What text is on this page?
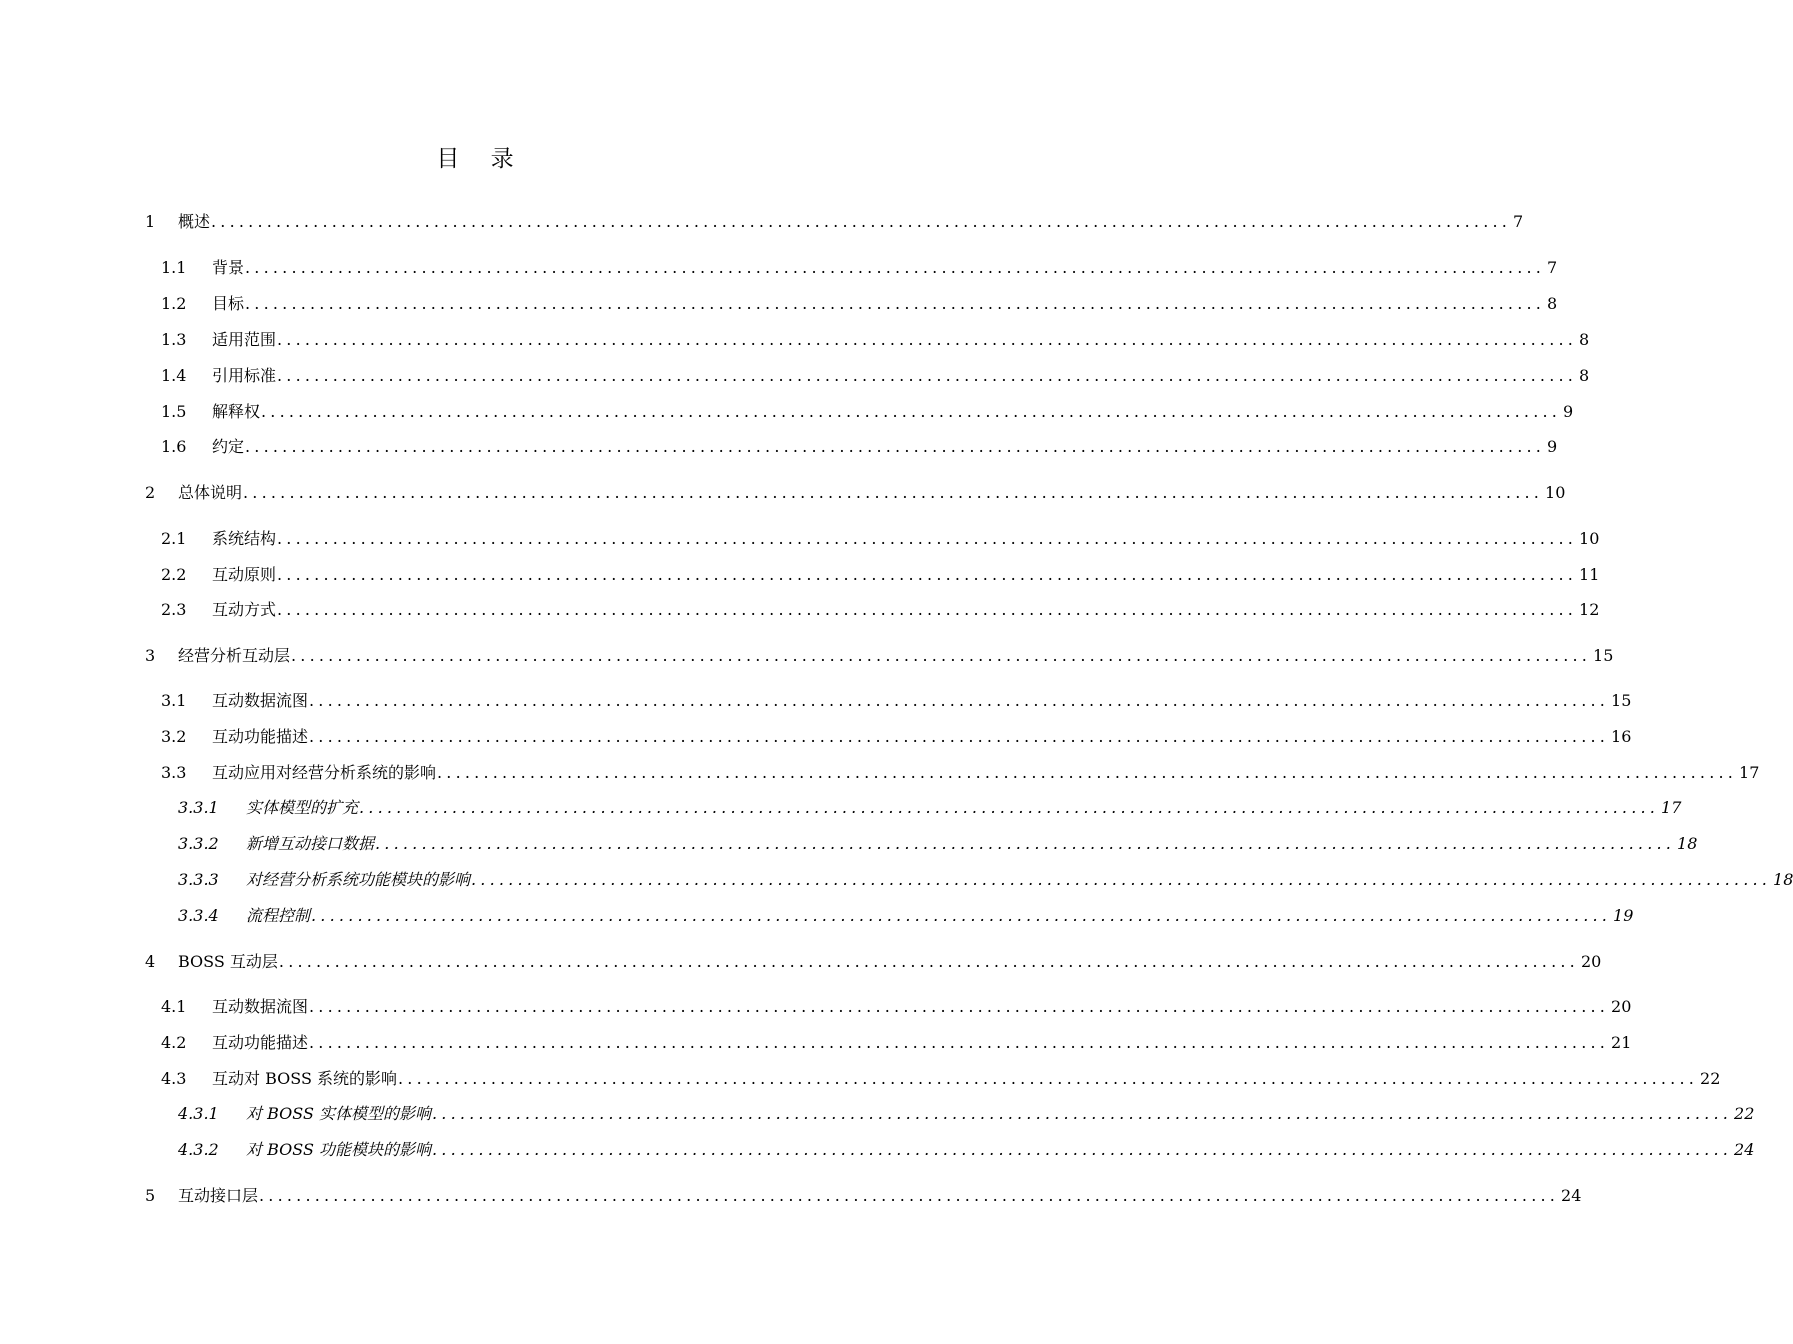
目 录
1	概述 ............................................................................................................................................ 7
1.1	背景 ............................................................................................................................................ 7
1.2	目标 ............................................................................................................................................ 8
1.3	适用范围 ............................................................................................................................................ 8
1.4	引用标准 ............................................................................................................................................ 8
1.5	解释权 ............................................................................................................................................ 9
1.6	约定 ............................................................................................................................................ 9
2	总体说明 ............................................................................................................................................ 10
2.1	系统结构 ............................................................................................................................................ 10
2.2	互动原则 ............................................................................................................................................ 11
2.3	互动方式 ............................................................................................................................................ 12
3	经营分析互动层 ............................................................................................................................................ 15
3.1	互动数据流图 ............................................................................................................................................ 15
3.2	互动功能描述 ............................................................................................................................................ 16
3.3	互动应用对经营分析系统的影响 ............................................................................................................................................ 17
3.3.1	实体模型的扩充 ............................................................................................................................................ 17
3.3.2	新增互动接口数据 ............................................................................................................................................ 18
3.3.3	对经营分析系统功能模块的影响 ............................................................................................................................................ 18
3.3.4	流程控制 ............................................................................................................................................ 19
4	BOSS 互动层 ............................................................................................................................................ 20
4.1	互动数据流图 ............................................................................................................................................ 20
4.2	互动功能描述 ............................................................................................................................................ 21
4.3	互动对 BOSS 系统的影响 ............................................................................................................................................ 22
4.3.1	对 BOSS 实体模型的影响 ............................................................................................................................................ 22
4.3.2	对 BOSS 功能模块的影响 ............................................................................................................................................ 24
5	互动接口层 ............................................................................................................................................ 24
